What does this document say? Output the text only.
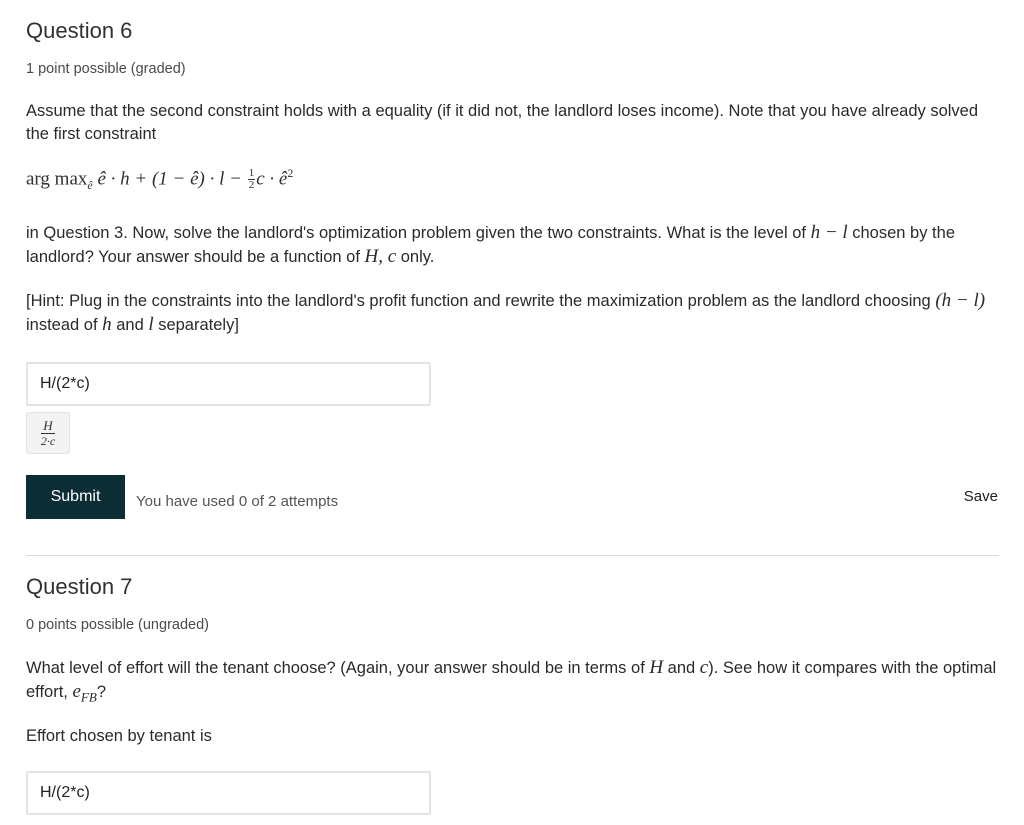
Question 6
1 point possible (graded)
Assume that the second constraint holds with a equality (if it did not, the landlord loses income). Note that you have already solved the first constraint
arg $\max_ê$ ê · h + (1 − ê) · $l - \frac{1}{2}$ $c \cdot ê^2$
in Question 3. Now, solve the landlord's optimization problem given the two constraints. What is the level of h − l chosen by the landlord? Your answer should be a function of H, c only.
[Hint: Plug in the constraints into the landlord's profit function and rewrite the maximization problem as the landlord choosing (h − l) instead of h and l separately]
H/(2*c)
$\frac{H}{2\cdot c}$
Submit	You have used 0 of 2 attempts	Save
Question 7
0 points possible (ungraded)
What level of effort will the tenant choose? (Again, your answer should be in terms of H and c). See how it compares with the optimal effort, $e_{FB}$?
Effort chosen by tenant is
H/(2*c)
